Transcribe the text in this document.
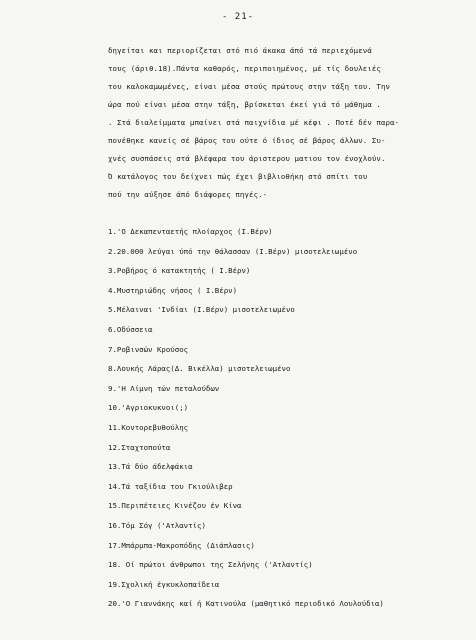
- 21-
δηγείται και περιορίζεται στό πιό άκακα άπό τά περιεχόμενά
τους (άριθ.18).Πάντα καθαρός, περιποιημένος, μέ τίς δουλειές
του καλοκαμωμένες, είναι μέσα στούς πρώτους στην τάξη του. Την
ώρα πού είναι μέσα στην τάξη, βρίσκεται έκεί γιά τό μάθημα .
. Στά διαλείμματα μπαίνει στά παιχνίδια μέ κέφι . Ποτέ δέν παρα-
πονέθηκε κανείς σέ βάρος του ούτε ό ίδιος σέ βάρος άλλων. Συ-
χνές συσπάσεις στά βλέφαρα του άριστερου ματιου τον ένοχλούν.
Ό κατάλογος του δείχνει πώς έχει βιβλιοθήκη στό σπίτι του
πού την αύξησε άπό διάφορες πηγές.-
1.'Ο Δεκαπενταετής πλοίαρχος (Ι.Βέρν)
2.20.000 λεύγαι ύπό την θάλασσαν (Ι.Βέρν) μισοτελειωμένο
3.Ροβήρος ό κατακτητής ( Ι.Βέρν)
4.Μυστηριώδης νήσος ( Ι.Βέρν)
5.Μέλαιναι 'Ινδίαι (Ι.Βέρν) μισοτελειωμένο
6.Οδύσσεια
7.Ροβινσών Κρούσος
8.Λουκής Λάρας(Δ. Βικέλλα) μισοτελειωμένο
9.'Η Λίμνη τών πεταλούδων
10.'Αγριοκυκνοι(;)
11.Κοντορεβυθούλης
12.Σταχτοπούτα
13.Τά δύο άδελφάκια
14.Τά ταξίδια του Γκιούλιβερ
15.Περιπέτειες Κινέζου έν Κίνα
16.Τόμ Σόγ ('Ατλαντίς)
17.Μπάρμπα-Μακροπόδης (Διάπλασις)
18. Οί πρώτοι άνθρωποι της Σελήνης ('Ατλαντίς)
19.Σχολική έγκυκλοπαίδεια
20.'Ο Γιαννάκης καί ή Κατινούλα (μαθητικό περιοδικό Λουλούδια)
